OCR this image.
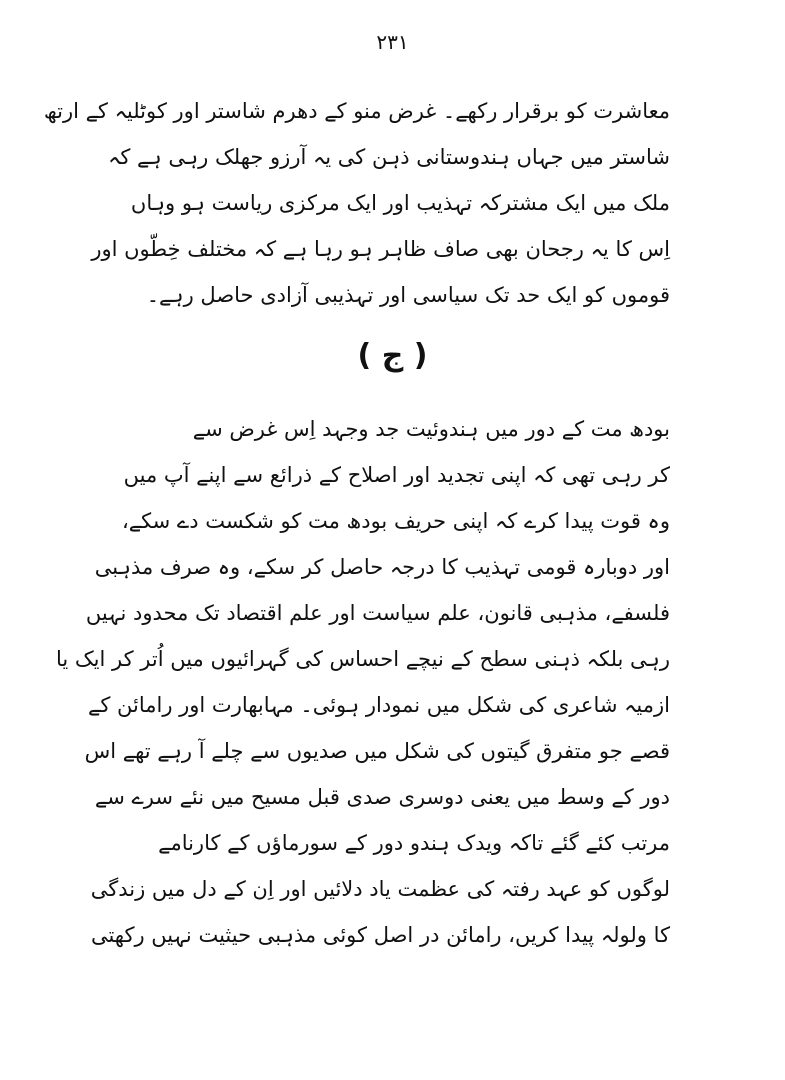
۲۳۱
معاشرت کو برقرار رکھے۔ غرض منو کے دھرم شاستر اور کوٹلیہ کے ارتھ
شاستر میں جہاں ہندوستانی ذہن کی یہ آرزو جھلک رہی ہے کہ
ملک میں ایک مشترکہ تہذیب اور ایک مرکزی ریاست ہو وہاں
اِس کا یہ رجحان بھی صاف ظاہر ہو رہا ہے کہ مختلف خِطّوں اور
قوموں کو ایک حد تک سیاسی اور تہذیبی آزادی حاصل رہے۔
( ج )
بودھ مت کے دور میں ہندوئیت جد وجہد اِس غرض سے
کر رہی تھی کہ اپنی تجدید اور اصلاح کے ذرائع سے اپنے آپ میں
وہ قوت پیدا کرے کہ اپنی حریف بودھ مت کو شکست دے سکے،
اور دوبارہ قومی تہذیب کا درجہ حاصل کر سکے، وہ صرف مذہبی
فلسفے، مذہبی قانون، علم سیاست اور علم اقتصاد تک محدود نہیں
رہی بلکہ ذہنی سطح کے نیچے احساس کی گہرائیوں میں اُتر کر ایک یا
ازمیہ شاعری کی شکل میں نمودار ہوئی۔ مہابھارت اور رامائن کے
قصے جو متفرق گیتوں کی شکل میں صدیوں سے چلے آ رہے تھے اس
دور کے وسط میں یعنی دوسری صدی قبل مسیح میں نئے سرے سے
مرتب کئے گئے تاکہ ویدک ہندو دور کے سورماؤں کے کارنامے
لوگوں کو عہد رفتہ کی عظمت یاد دلائیں اور اِن کے دل میں زندگی
کا ولولہ پیدا کریں، رامائن در اصل کوئی مذہبی حیثیت نہیں رکھتی
